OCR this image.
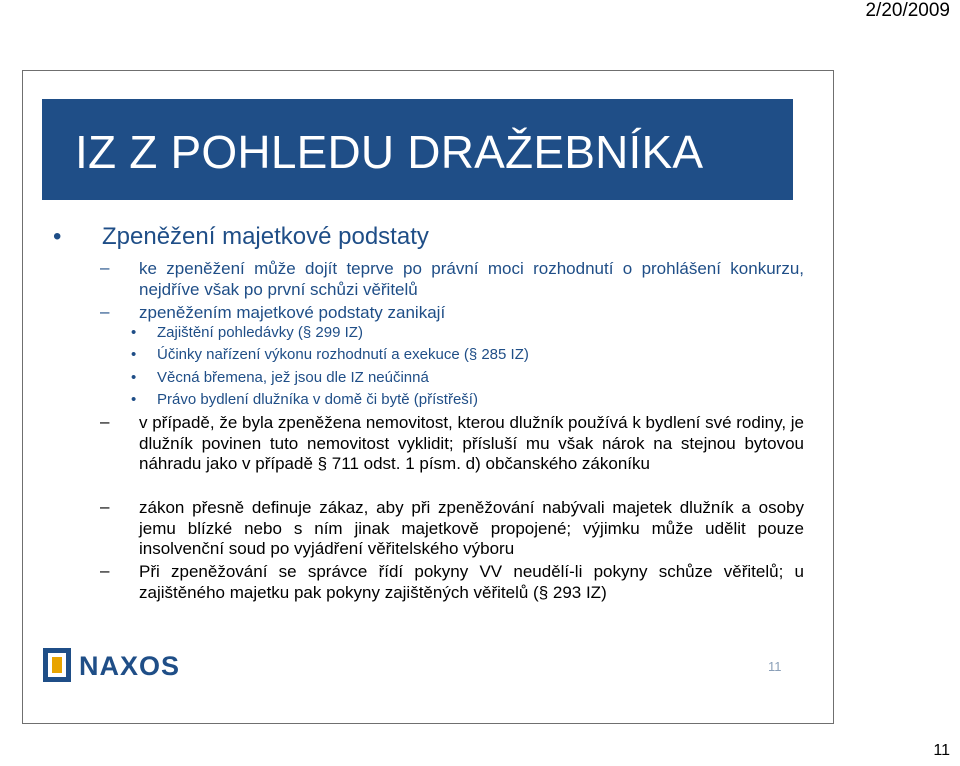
2/20/2009
IZ Z POHLEDU DRAŽEBNÍKA
• Zpeněžení majetkové podstaty
– ke zpeněžení může dojít teprve po právní moci rozhodnutí o prohlášení konkurzu, nejdříve však po první schůzi věřitelů
– zpeněžením majetkové podstaty zanikají
• Zajištění pohledávky (§ 299 IZ)
• Účinky nařízení výkonu rozhodnutí a exekuce (§ 285 IZ)
• Věcná břemena, jež jsou dle IZ neúčinná
• Právo bydlení dlužníka v domě či bytě (přístřeší)
– v případě, že byla zpeněžena nemovitost, kterou dlužník používá k bydlení své rodiny, je dlužník povinen tuto nemovitost vyklidit; přísluší mu však nárok na stejnou bytovou náhradu jako v případě § 711 odst. 1 písm. d) občanského zákoníku
– zákon přesně definuje zákaz, aby při zpeněžování nabývali majetek dlužník a osoby jemu blízké nebo s ním jinak majetkově propojené; výjimku může udělit pouze insolvenční soud po vyjádření věřitelského výboru
– Při zpeněžování se správce řídí pokyny VV neudělí-li pokyny schůze věřitelů; u zajištěného majetku pak pokyny zajištěných věřitelů (§ 293 IZ)
NAXOS	11
11
